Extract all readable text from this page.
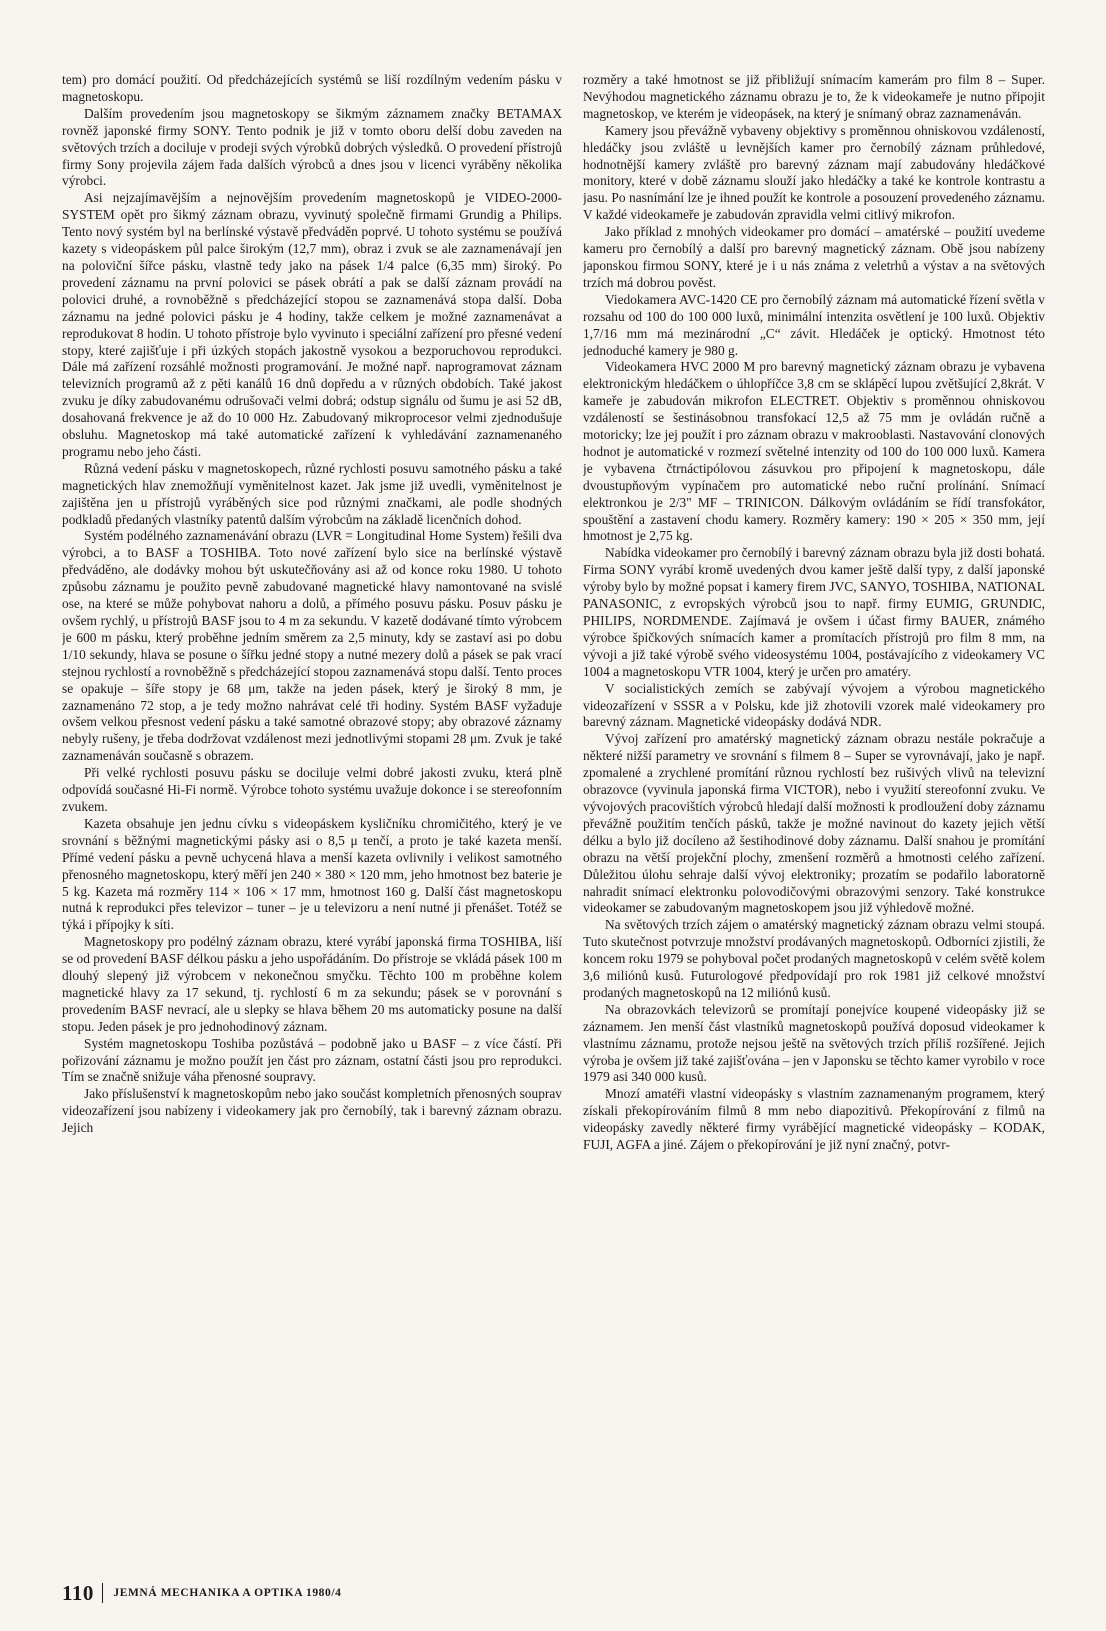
tem) pro domácí použití. Od předcházejících systémů se liší rozdílným vedením pásku v magnetoskopu.

Dalším provedením jsou magnetoskopy se šikmým záznamem značky BETAMAX rovněž japonské firmy SONY. Tento podnik je již v tomto oboru delší dobu zaveden na světových trzích a dociluje v prodeji svých výrobků dobrých výsledků. O provedení přístrojů firmy Sony projevila zájem řada dalších výrobců a dnes jsou v licenci vyráběny několika výrobci.

Asi nejzajímavějším a nejnovějším provedením magnetoskopů je VIDEO-2000-SYSTEM opět pro šikmý záznam obrazu, vyvinutý společně firmami Grundig a Philips. Tento nový systém byl na berlínské výstavě předváděn poprvé. U tohoto systému se používá kazety s videopáskem půl palce širokým (12,7 mm), obraz i zvuk se ale zaznamenávají jen na poloviční šířce pásku, vlastně tedy jako na pásek 1/4 palce (6,35 mm) široký. Po provedení záznamu na první polovici se pásek obrátí a pak se další záznam provádí na polovici druhé, a rovnoběžně s předcházející stopou se zaznamenává stopa další. Doba záznamu na jedné polovici pásku je 4 hodiny, takže celkem je možné zaznamenávat a reprodukovat 8 hodin. U tohoto přístroje bylo vyvinuto i speciální zařízení pro přesné vedení stopy, které zajišťuje i při úzkých stopách jakostně vysokou a bezporuchovou reprodukci. Dále má zařízení rozsáhlé možnosti programování. Je možné např. naprogramovat záznam televizních programů až z pěti kanálů 16 dnů dopředu a v různých obdobích. Také jakost zvuku je díky zabudovanému odrušovači velmi dobrá; odstup signálu od šumu je asi 52 dB, dosahovaná frekvence je až do 10 000 Hz. Zabudovaný mikroprocesor velmi zjednodušuje obsluhu. Magnetoskop má také automatické zařízení k vyhledávání zaznamenaného programu nebo jeho části.

Různá vedení pásku v magnetoskopech, různé rychlosti posuvu samotného pásku a také magnetických hlav znemožňují vyměnitelnost kazet. Jak jsme již uvedli, vyměnitelnost je zajištěna jen u přístrojů vyráběných sice pod různými značkami, ale podle shodných podkladů předaných vlastníky patentů dalším výrobcům na základě licenčních dohod.

Systém podélného zaznamenávání obrazu (LVR = Longitudinal Home System) řešili dva výrobci, a to BASF a TOSHIBA. Toto nové zařízení bylo sice na berlínské výstavě předváděno, ale dodávky mohou být uskutečňovány asi až od konce roku 1980. U tohoto způsobu záznamu je použito pevně zabudované magnetické hlavy namontované na svislé ose, na které se může pohybovat nahoru a dolů, a přímého posuvu pásku. Posuv pásku je ovšem rychlý, u přístrojů BASF jsou to 4 m za sekundu. V kazetě dodávané tímto výrobcem je 600 m pásku, který proběhne jedním směrem za 2,5 minuty, kdy se zastaví asi po dobu 1/10 sekundy, hlava se posune o šířku jedné stopy a nutné mezery dolů a pásek se pak vrací stejnou rychlostí a rovnoběžně s předcházející stopou zaznamenává stopu další. Tento proces se opakuje – šíře stopy je 68 μm, takže na jeden pásek, který je široký 8 mm, je zaznamenáno 72 stop, a je tedy možno nahrávat celé tři hodiny. Systém BASF vyžaduje ovšem velkou přesnost vedení pásku a také samotné obrazové stopy; aby obrazové záznamy nebyly rušeny, je třeba dodržovat vzdálenost mezi jednotlivými stopami 28 μm. Zvuk je také zaznamenáván současně s obrazem.

Při velké rychlosti posuvu pásku se dociluje velmi dobré jakosti zvuku, která plně odpovídá současné Hi-Fi normě. Výrobce tohoto systému uvažuje dokonce i se stereofonním zvukem.

Kazeta obsahuje jen jednu cívku s videopáskem kysličníku chromičitého, který je ve srovnání s běžnými magnetickými pásky asi o 8,5 μ tenčí, a proto je také kazeta menší. Přímé vedení pásku a pevně uchycená hlava a menší kazeta ovlivnily i velikost samotného přenosného magnetoskopu, který měří jen 240 × 380 × 120 mm, jeho hmotnost bez baterie je 5 kg. Kazeta má rozměry 114 × 106 × 17 mm, hmotnost 160 g. Další část magnetoskopu nutná k reprodukci přes televizor – tuner – je u televizoru a není nutné ji přenášet. Totéž se týká i přípojky k síti.

Magnetoskopy pro podélný záznam obrazu, které vyrábí japonská firma TOSHIBA, liší se od provedení BASF délkou pásku a jeho uspořádáním. Do přístroje se vkládá pásek 100 m dlouhý slepený již výrobcem v nekonečnou smyčku. Těchto 100 m proběhne kolem magnetické hlavy za 17 sekund, tj. rychlostí 6 m za sekundu; pásek se v porovnání s provedením BASF nevrací, ale u slepky se hlava během 20 ms automaticky posune na další stopu. Jeden pásek je pro jednohodinový záznam.

Systém magnetoskopu Toshiba pozůstává – podobně jako u BASF – z více částí. Při pořizování záznamu je možno použít jen část pro záznam, ostatní části jsou pro reprodukci. Tím se značně snižuje váha přenosné soupravy.

Jako příslušenství k magnetoskopům nebo jako součást kompletních přenosných souprav videozařízení jsou nabízeny i videokamery jak pro černobílý, tak i barevný záznam obrazu. Jejich

rozměry a také hmotnost se již přibližují snímacím kamerám pro film 8 – Super. Nevýhodou magnetického záznamu obrazu je to, že k videokameře je nutno připojit magnetoskop, ve kterém je videopásek, na který je snímaný obraz zaznamenáván.

Kamery jsou převážně vybaveny objektivy s proměnnou ohniskovou vzdáleností, hledáčky jsou zvláště u levnějších kamer pro černobílý záznam průhledové, hodnotnější kamery zvláště pro barevný záznam mají zabudovány hledáčkové monitory, které v době záznamu slouží jako hledáčky a také ke kontrole kontrastu a jasu. Po nasnímání lze je ihned použít ke kontrole a posouzení provedeného záznamu. V každé videokameře je zabudován zpravidla velmi citlivý mikrofon.

Jako příklad z mnohých videokamer pro domácí – amatérské – použití uvedeme kameru pro černobílý a další pro barevný magnetický záznam. Obě jsou nabízeny japonskou firmou SONY, které je i u nás známa z veletrhů a výstav a na světových trzích má dobrou pověst.

Viedokamera AVC-1420 CE pro černobílý záznam má automatické řízení světla v rozsahu od 100 do 100 000 luxů, minimální intenzita osvětlení je 100 luxů. Objektiv 1,7/16 mm má mezinárodní „C“ závit. Hledáček je optický. Hmotnost této jednoduché kamery je 980 g.

Videokamera HVC 2000 M pro barevný magnetický záznam obrazu je vybavena elektronickým hledáčkem o úhlopříčce 3,8 cm se sklápěcí lupou zvětšující 2,8krát. V kameře je zabudován mikrofon ELECTRET. Objektiv s proměnnou ohniskovou vzdáleností se šestinásobnou transfokací 12,5 až 75 mm je ovládán ručně a motoricky; lze jej použít i pro záznam obrazu v makrooblasti. Nastavování clonových hodnot je automatické v rozmezí světelné intenzity od 100 do 100 000 luxů. Kamera je vybavena čtrnáctipólovou zásuvkou pro připojení k magnetoskopu, dále dvoustupňovým vypínačem pro automatické nebo ruční prolínání. Snímací elektronkou je 2/3" MF – TRINICON. Dálkovým ovládáním se řídí transfokátor, spouštění a zastavení chodu kamery. Rozměry kamery: 190 × 205 × 350 mm, její hmotnost je 2,75 kg.

Nabídka videokamer pro černobílý i barevný záznam obrazu byla již dosti bohatá. Firma SONY vyrábí kromě uvedených dvou kamer ještě další typy, z další japonské výroby bylo by možné popsat i kamery firem JVC, SANYO, TOSHIBA, NATIONAL PANASONIC, z evropských výrobců jsou to např. firmy EUMIG, GRUNDIC, PHILIPS, NORDMENDE. Zajímavá je ovšem i účast firmy BAUER, známého výrobce špičkových snímacích kamer a promítacích přístrojů pro film 8 mm, na vývoji a již také výrobě svého videosystému 1004, postávajícího z videokamery VC 1004 a magnetoskopu VTR 1004, který je určen pro amatéry.

V socialistických zemích se zabývají vývojem a výrobou magnetického videozařízení v SSSR a v Polsku, kde již zhotovili vzorek malé videokamery pro barevný záznam. Magnetické videopásky dodává NDR.

Vývoj zařízení pro amatérský magnetický záznam obrazu nestále pokračuje a některé nižší parametry ve srovnání s filmem 8 – Super se vyrovnávají, jako je např. zpomalené a zrychlené promítání různou rychlostí bez rušivých vlivů na televizní obrazovce (vyvinula japonská firma VICTOR), nebo i využití stereofonní zvuku. Ve vývojových pracovištích výrobců hledají další možnosti k prodloužení doby záznamu převážně použitím tenčích pásků, takže je možné navinout do kazety jejich větší délku a bylo již docíleno až šestihodinové doby záznamu. Další snahou je promítání obrazu na větší projekční plochy, zmenšení rozměrů a hmotnosti celého zařízení. Důležitou úlohu sehraje další vývoj elektroniky; prozatím se podařilo laboratorně nahradit snímací elektronku polovodičovými obrazovými senzory. Také konstrukce videokamer se zabudovaným magnetoskopem jsou již výhledově možné.

Na světových trzích zájem o amatérský magnetický záznam obrazu velmi stoupá. Tuto skutečnost potvrzuje množství prodávaných magnetoskopů. Odborníci zjistili, že koncem roku 1979 se pohyboval počet prodaných magnetoskopů v celém světě kolem 3,6 miliónů kusů. Futurologové předpovídají pro rok 1981 již celkové množství prodaných magnetoskopů na 12 miliónů kusů.

Na obrazovkách televizorů se promítají ponejvíce koupené videopásky již se záznamem. Jen menší část vlastníků magnetoskopů používá doposud videokamer k vlastnímu záznamu, protože nejsou ještě na světových trzích příliš rozšířené. Jejich výroba je ovšem již také zajišťována – jen v Japonsku se těchto kamer vyrobilo v roce 1979 asi 340 000 kusů.

Mnozí amatéři vlastní videopásky s vlastním zaznamenaným programem, který získali překopírováním filmů 8 mm nebo diapozitivů. Překopírování z filmů na videopásky zavedly některé firmy vyrábějící magnetické videopásky – KODAK, FUJI, AGFA a jiné. Zájem o překopírování je již nyní značný, potvr-

110 JEMNÁ MECHANIKA A OPTIKA 1980/4
